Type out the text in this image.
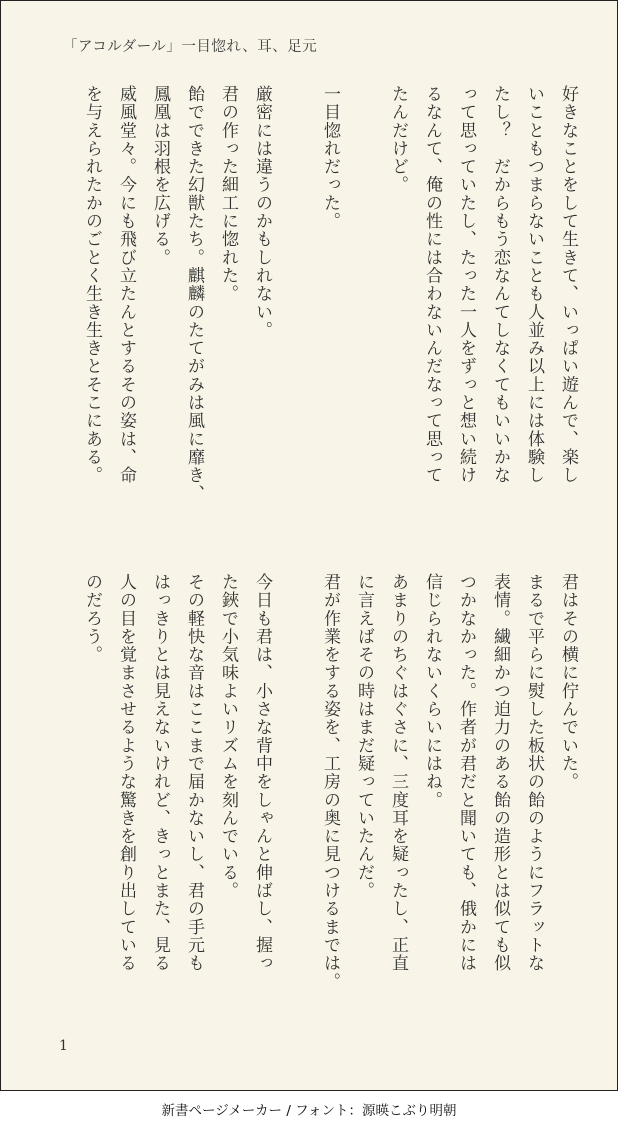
「アコルダール」一目惚れ、耳、足元
好きなことをして生きて、いっぱい遊んで、楽し
いこともつまらないことも人並み以上には体験し
たし？　だからもう恋なんてしなくてもいいかな
って思っていたし、たった一人をずっと想い続け
るなんて、俺の性には合わないんだなって思って
たんだけど。
一目惚れだった。
厳密には違うのかもしれない。
君の作った細工に惚れた。
飴でできた幻獣たち。麒麟のたてがみは風に靡き、
鳳凰は羽根を広げる。
威風堂々。今にも飛び立たんとするその姿は、命
を与えられたかのごとく生き生きとそこにある。
君はその横に佇んでいた。
まるで平らに熨した板状の飴のようにフラットな
表情。繊細かつ迫力のある飴の造形とは似ても似
つかなかった。作者が君だと聞いても、俄かには
信じられないくらいにはね。
あまりのちぐはぐさに、三度耳を疑ったし、正直
に言えばその時はまだ疑っていたんだ。
君が作業をする姿を、工房の奥に見つけるまでは。
今日も君は、小さな背中をしゃんと伸ばし、握っ
た鋏で小気味よいリズムを刻んでいる。
その軽快な音はここまで届かないし、君の手元も
はっきりとは見えないけれど、きっとまた、見る
人の目を覚まさせるような驚きを創り出している
のだろう。
1
新書ページメーカー / フォント：源暎こぶり明朝
